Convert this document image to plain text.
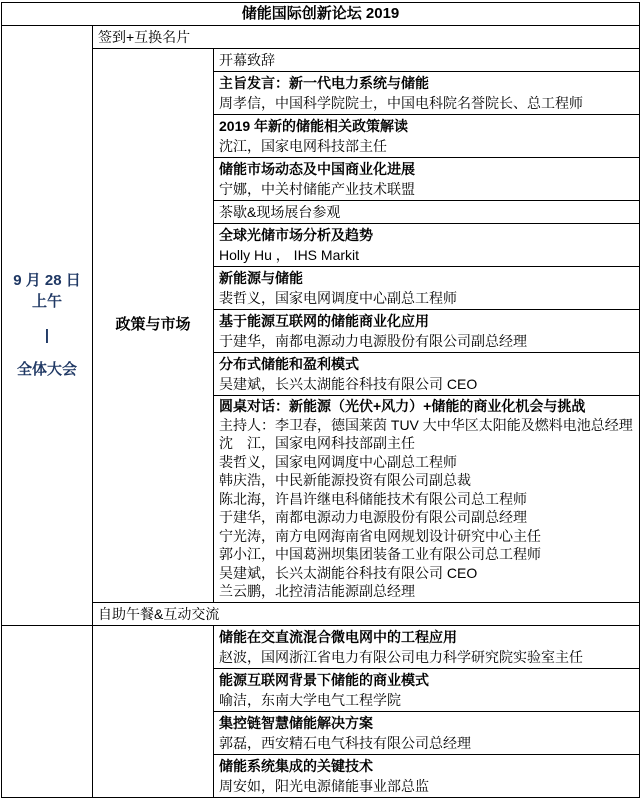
储能国际创新论坛 2019		

9 月 28 日
上午
|
全体大会	签到+互换名片	
	政策与市场	开幕致辞

		主旨发言：新一代电力系统与储能
周孝信，中国科学院院士，中国电科院名誉院长、总工程师

		2019 年新的储能相关政策解读
沈江，国家电网科技部主任

		储能市场动态及中国商业化进展
宁娜，中关村储能产业技术联盟

		茶歇&现场展台参观

		全球光储市场分析及趋势
Holly Hu ， IHS Markit

		新能源与储能
裴哲义，国家电网调度中心副总工程师

		基于能源互联网的储能商业化应用
于建华，南都电源动力电源股份有限公司副总经理

		分布式储能和盈利模式
吴建斌，长兴太湖能谷科技有限公司 CEO

圆桌对话：新能源（光伏+风力）+储能的商业化机会与挑战
主持人：李卫春，德国莱茵 TUV 大中华区太阳能及燃料电池总经理
沈　江，国家电网科技部副主任
裴哲义，国家电网调度中心副总工程师
韩庆浩，中民新能源投资有限公司副总裁
陈北海，许昌许继电科储能技术有限公司总工程师
于建华，南都电源动力电源股份有限公司副总经理
宁光涛，南方电网海南省电网规划设计研究中心主任
郭小江，中国葛洲坝集团装备工业有限公司总工程师
吴建斌，长兴太湖能谷科技有限公司 CEO
兰云鹏，北控清洁能源副总经理

	自助午餐&互动交流	

		储能在交直流混合微电网中的工程应用
赵波，国网浙江省电力有限公司电力科学研究院实验室主任

		能源互联网背景下储能的商业模式
喻洁，东南大学电气工程学院

		集控链智慧储能解决方案
郭磊，西安精石电气科技有限公司总经理

		储能系统集成的关键技术
周安如，阳光电源储能事业部总监
